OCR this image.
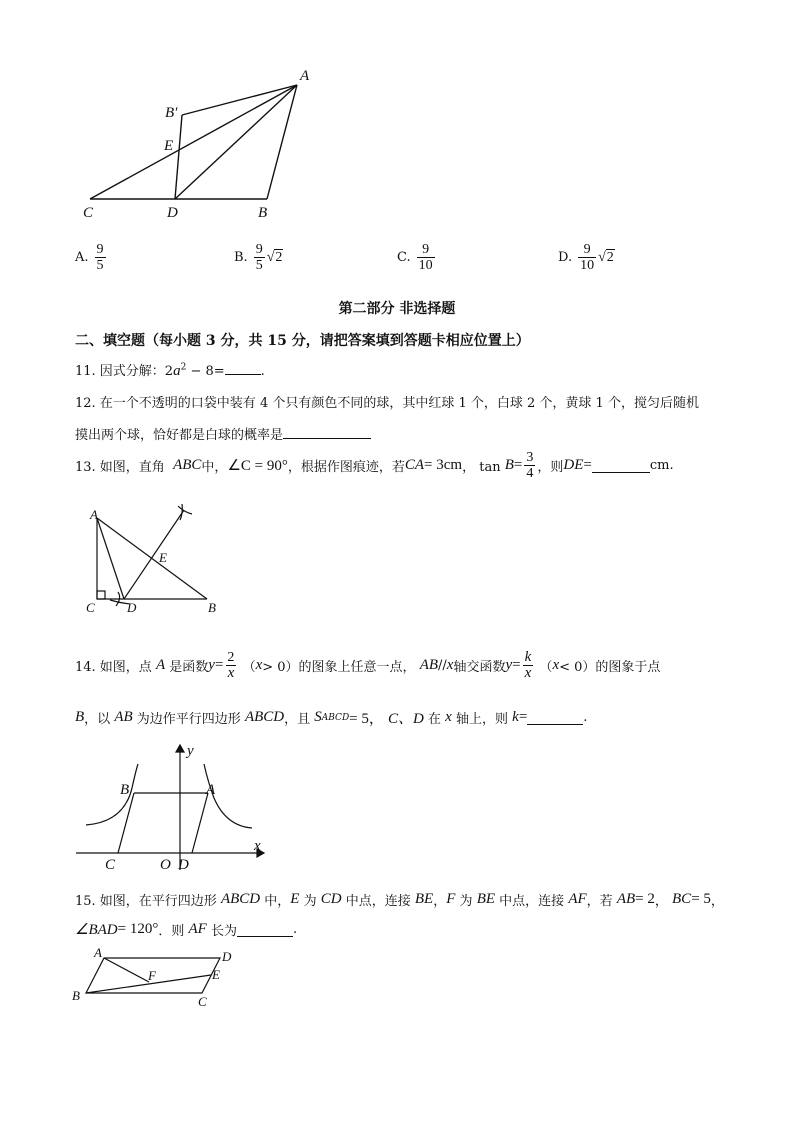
A
B′
E
C	D	B
A. $\frac{9}{5}$	B. $\frac{9}{5} √2$	C. $\frac{9}{10}$	D. $\frac{9}{10} √2$
第二部分 非选择题
二、填空题（每小题 3 分，共 15 分，请把答案填到答题卡相应位置上）
11. 因式分解：$2a^2 - 8=$	.
12. 在一个不透明的口袋中装有 4 个只有颜色不同的球，其中红球 1 个，白球 2 个，黄球 1 个，搅匀后随机
摸出两个球，恰好都是白球的概率是
13. 如图，直角
ABC 中， ∠C = 90° ，根据作图痕迹，若 CA = 3cm ， tan
$B = \frac{3}{4}$ ，则 DE =	cm.
A
E
C D	B
14. 如图，点
A
是函数 $y = \frac{2}{x}$
（ x > 0）的图象上任意一点，
AB // x 轴交函数 $y = \frac{k}{x}$
（ x < 0）的图象于点
B ，以
AB
为边作平行四边形
ABCD ，且
S ABCD = 5，
C、D
在
x
轴上，则
k =	.
y
x
B	A
C	O D
15. 如图，在平行四边形
ABCD
中， E
为
CD
中点，连接
BE ， F
为
BE
中点，连接
AF ，若
AB = 2 ，
BC = 5 ，
∠BAD = 120° ．则
AF
长为	.
A	D
F	E
B	C
